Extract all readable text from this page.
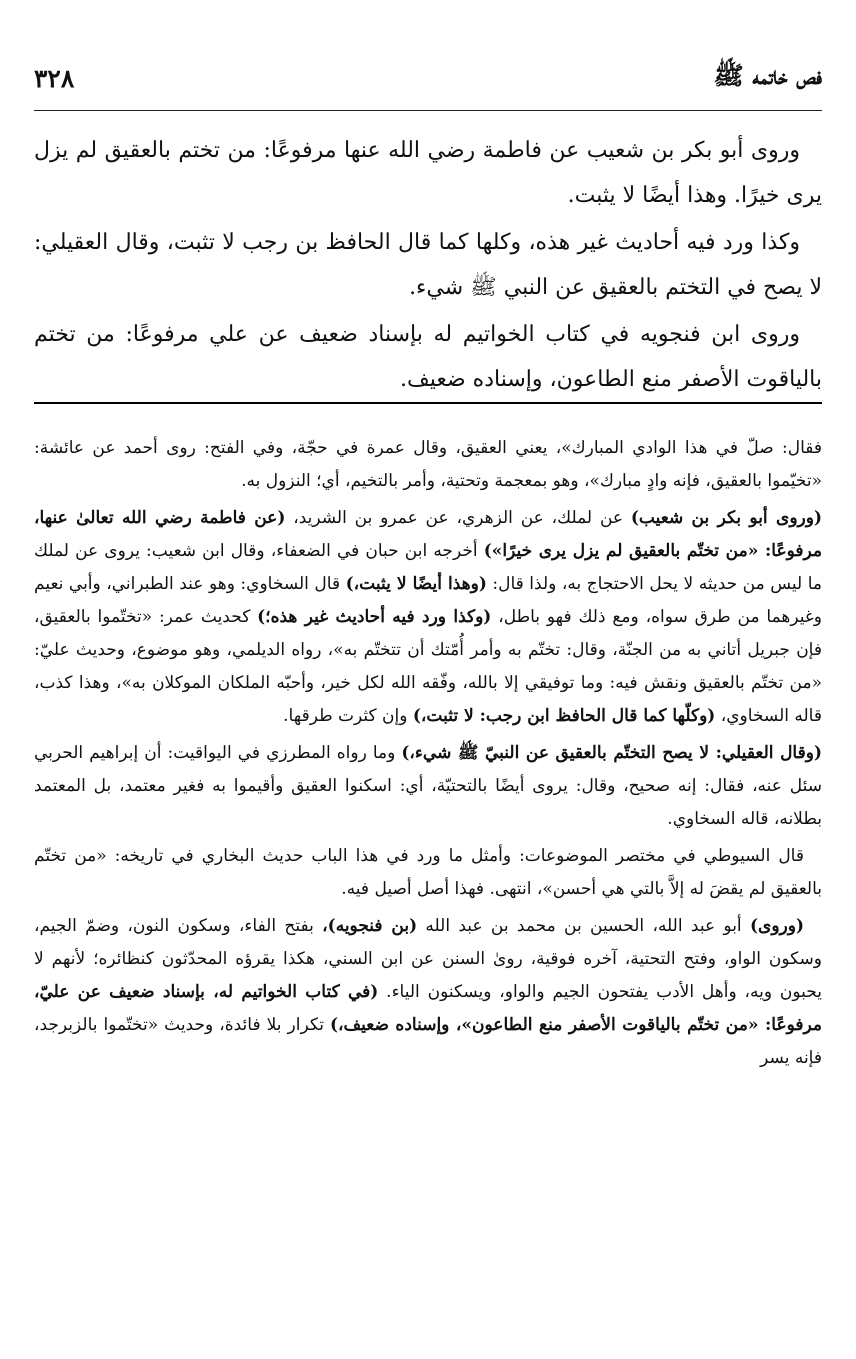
فص خاتمه ﷺ
٣٢٨

وروى أبو بكر بن شعيب عن فاطمة رضي الله عنها مرفوعًا: من تختم بالعقيق لم يزل يرى خيرًا. وهذا أيضًا لا يثبت.

وكذا ورد فيه أحاديث غير هذه، وكلها كما قال الحافظ بن رجب لا تثبت، وقال العقيلي: لا يصح في التختم بالعقيق عن النبي ﷺ شيء.

وروى ابن فنجويه في كتاب الخواتيم له بإسناد ضعيف عن علي مرفوعًا: من تختم بالياقوت الأصفر منع الطاعون، وإسناده ضعيف.

فقال: صلّ في هذا الوادي المبارك»، يعني العقيق، وقال عمرة في حجّة، وفي الفتح: روى أحمد عن عائشة: «تخيّموا بالعقيق، فإنه وادٍ مبارك»، وهو بمعجمة وتحتية، وأمر بالتخيم، أي؛ النزول به.

(وروى أبو بكر بن شعيب) عن لملك، عن الزهري، عن عمرو بن الشريد، (عن فاطمة رضي الله تعالىٰ عنها، مرفوعًا: «من تختّم بالعقيق لم يزل يرى خيرًا») أخرجه ابن حبان في الضعفاء، وقال ابن شعيب: يروى عن لملك ما ليس من حديثه لا يحل الاحتجاج به، ولذا قال: (وهذا أيضًا لا يثبت،) قال السخاوي: وهو عند الطبراني، وأبي نعيم وغيرهما من طرق سواه، ومع ذلك فهو باطل، (وكذا ورد فيه أحاديث غير هذه؛) كحديث عمر: «تختّموا بالعقيق، فإن جبريل أتاني به من الجنّة، وقال: تختّم به وأمر أُمّتك أن تتختّم به»، رواه الديلمي، وهو موضوع، وحديث عليّ: «من تختّم بالعقيق ونقش فيه: وما توفيقي إلا بالله، وفّقه الله لكل خير، وأحبّه الملكان الموكلان به»، وهذا كذب، قاله السخاوي، (وكلّها كما قال الحافظ ابن رجب: لا تثبت،) وإن كثرت طرقها.

(وقال العقيلي: لا يصح التختّم بالعقيق عن النبيّ ﷺ شيء،) وما رواه المطرزي في اليواقيت: أن إبراهيم الحربي سئل عنه، فقال: إنه صحيح، وقال: يروى أيضًا بالتحتيّة، أي: اسكنوا العقيق وأقيموا به فغير معتمد، بل المعتمد بطلانه، قاله السخاوي.

قال السيوطي في مختصر الموضوعات: وأمثل ما ورد في هذا الباب حديث البخاري في تاريخه: «من تختّم بالعقيق لم يقضَ له إلاَّ بالتي هي أحسن»، انتهى. فهذا أصل أصيل فيه.

(وروى) أبو عبد الله، الحسين بن محمد بن عبد الله (بن فنجويه)، بفتح الفاء، وسكون النون، وضمّ الجيم، وسكون الواو، وفتح التحتية، آخره فوقية، روىٰ السنن عن ابن السني، هكذا يقرؤه المحدّثون كنظائره؛ لأنهم لا يحبون ويه، وأهل الأدب يفتحون الجيم والواو، ويسكنون الياء. (في كتاب الخواتيم له، بإسناد ضعيف عن عليّ، مرفوعًا: «من تختّم بالياقوت الأصفر منع الطاعون»، وإسناده ضعيف،) تكرار بلا فائدة، وحديث «تختّموا بالزبرجد، فإنه يسر
